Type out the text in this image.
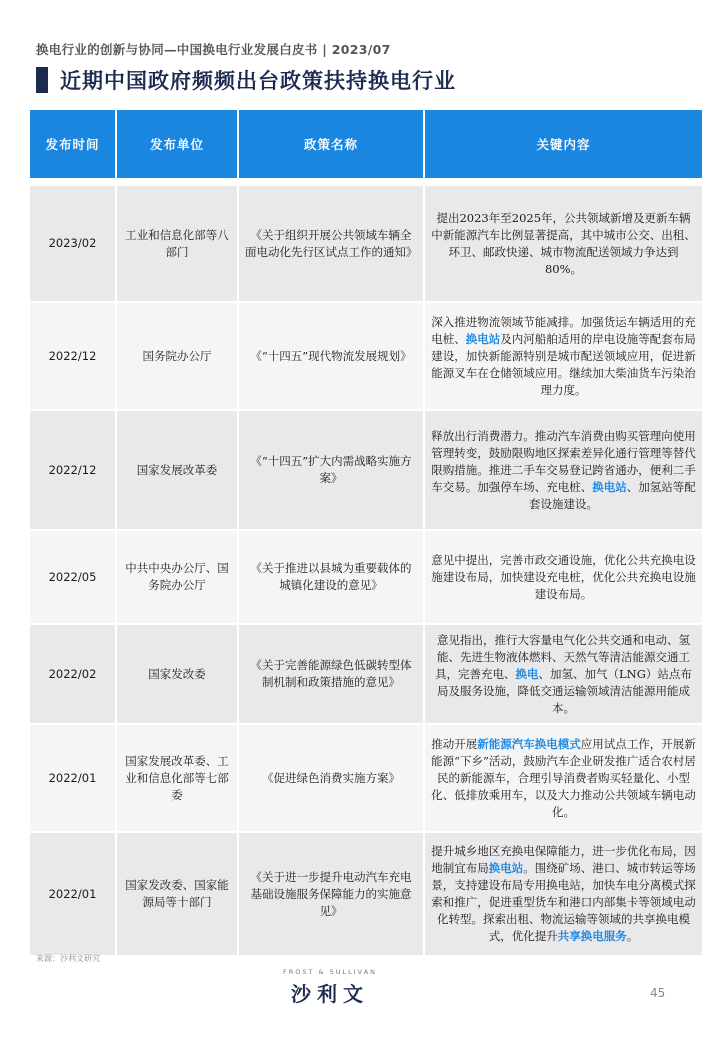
换电行业的创新与协同—中国换电行业发展白皮书 | 2023/07
近期中国政府频频出台政策扶持换电行业
发布时间	发布单位	政策名称	关键内容

2023/02	工业和信息化部等八部门	《关于组织开展公共领域车辆全面电动化先行区试点工作的通知》	提出2023年至2025年，公共领域新增及更新车辆中新能源汽车比例显著提高，其中城市公交、出租、环卫、邮政快递、城市物流配送领域力争达到80%。
2022/12	国务院办公厅	《“十四五”现代物流发展规划》	深入推进物流领域节能减排。加强货运车辆适用的充电桩、换电站及内河船舶适用的岸电设施等配套布局建设，加快新能源特别是城市配送领域应用，促进新能源叉车在仓储领域应用。继续加大柴油货车污染治理力度。
2022/12	国家发展改革委	《“十四五”扩大内需战略实施方案》	释放出行消费潜力。推动汽车消费由购买管理向使用管理转变，鼓励限购地区探索差异化通行管理等替代限购措施。推进二手车交易登记跨省通办，便利二手车交易。加强停车场、充电桩、换电站、加氢站等配套设施建设。
2022/05	中共中央办公厅、国务院办公厅	《关于推进以县城为重要载体的城镇化建设的意见》	意见中提出，完善市政交通设施，优化公共充换电设施建设布局，加快建设充电桩，优化公共充换电设施建设布局。
2022/02	国家发改委	《关于完善能源绿色低碳转型体制机制和政策措施的意见》	意见指出，推行大容量电气化公共交通和电动、氢能、先进生物液体燃料、天然气等清洁能源交通工具，完善充电、换电、加氢、加气（LNG）站点布局及服务设施，降低交通运输领域清洁能源用能成本。
2022/01	国家发展改革委、工业和信息化部等七部委	《促进绿色消费实施方案》	推动开展新能源汽车换电模式应用试点工作，开展新能源“下乡”活动，鼓励汽车企业研发推广适合农村居民的新能源车，合理引导消费者购买轻量化、小型化、低排放乘用车，以及大力推动公共领域车辆电动化。
2022/01	国家发改委、国家能源局等十部门	《关于进一步提升电动汽车充电基础设施服务保障能力的实施意见》	提升城乡地区充换电保障能力，进一步优化布局，因地制宜布局换电站。围绕矿场、港口、城市转运等场景，支持建设布局专用换电站，加快车电分离模式探索和推广，促进重型货车和港口内部集卡等领域电动化转型。探索出租、物流运输等领域的共享换电模式，优化提升共享换电服务。
来源：沙利文研究
FROST & SULLIVAN
沙利文	45
